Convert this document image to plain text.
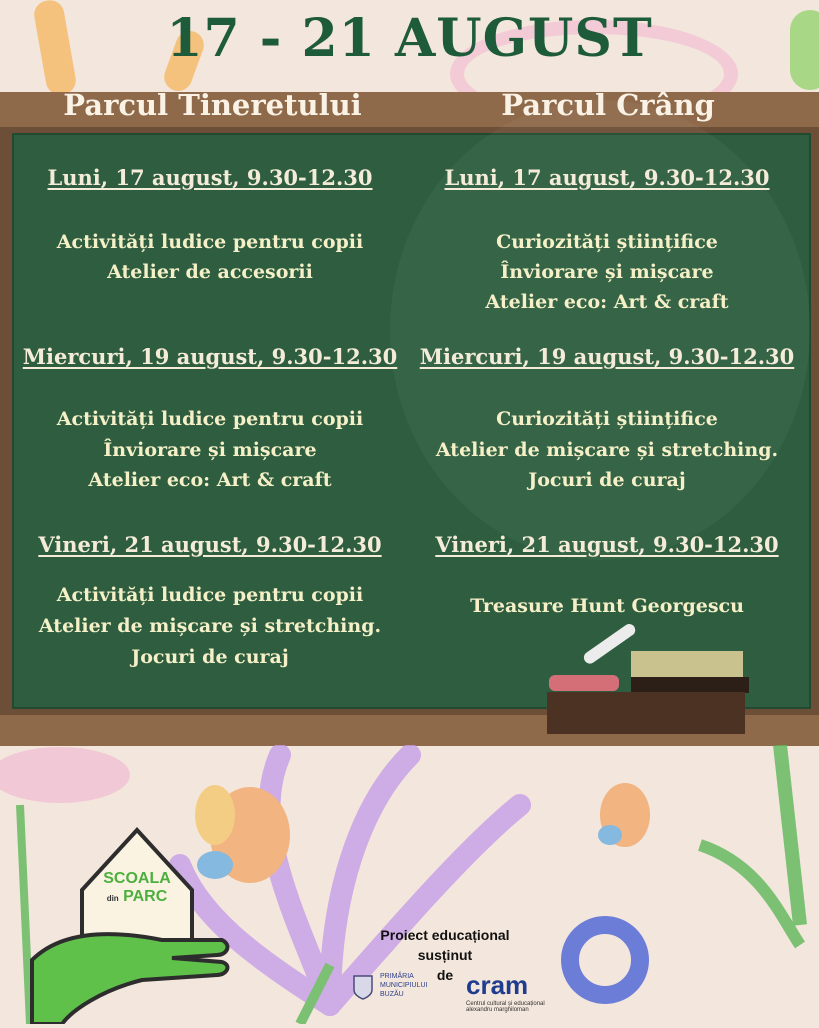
17 - 21 AUGUST
Parcul Tineretului	Parcul Crâng
Luni, 17 august, 9.30-12.30
Activități ludice pentru copii
Atelier de accesorii
Miercuri, 19 august, 9.30-12.30
Activități ludice pentru copii
Înviorare și mișcare
Atelier eco: Art & craft
Vineri, 21 august, 9.30-12.30
Activități ludice pentru copii
Atelier de mișcare și stretching.
Jocuri de curaj
Luni, 17 august, 9.30-12.30
Curiozități științifice
Înviorare și mișcare
Atelier eco: Art & craft
Miercuri, 19 august, 9.30-12.30
Curiozități științifice
Atelier de mișcare și stretching.
Jocuri de curaj
Vineri, 21 august, 9.30-12.30
Treasure Hunt Georgescu
SCOALA
din PARC
Proiect educațional
susținut
de
PRIMĂRIA
MUNICIPIULUI
BUZĂU	cram
Centrul cultural și educațional
alexandru marghiloman
